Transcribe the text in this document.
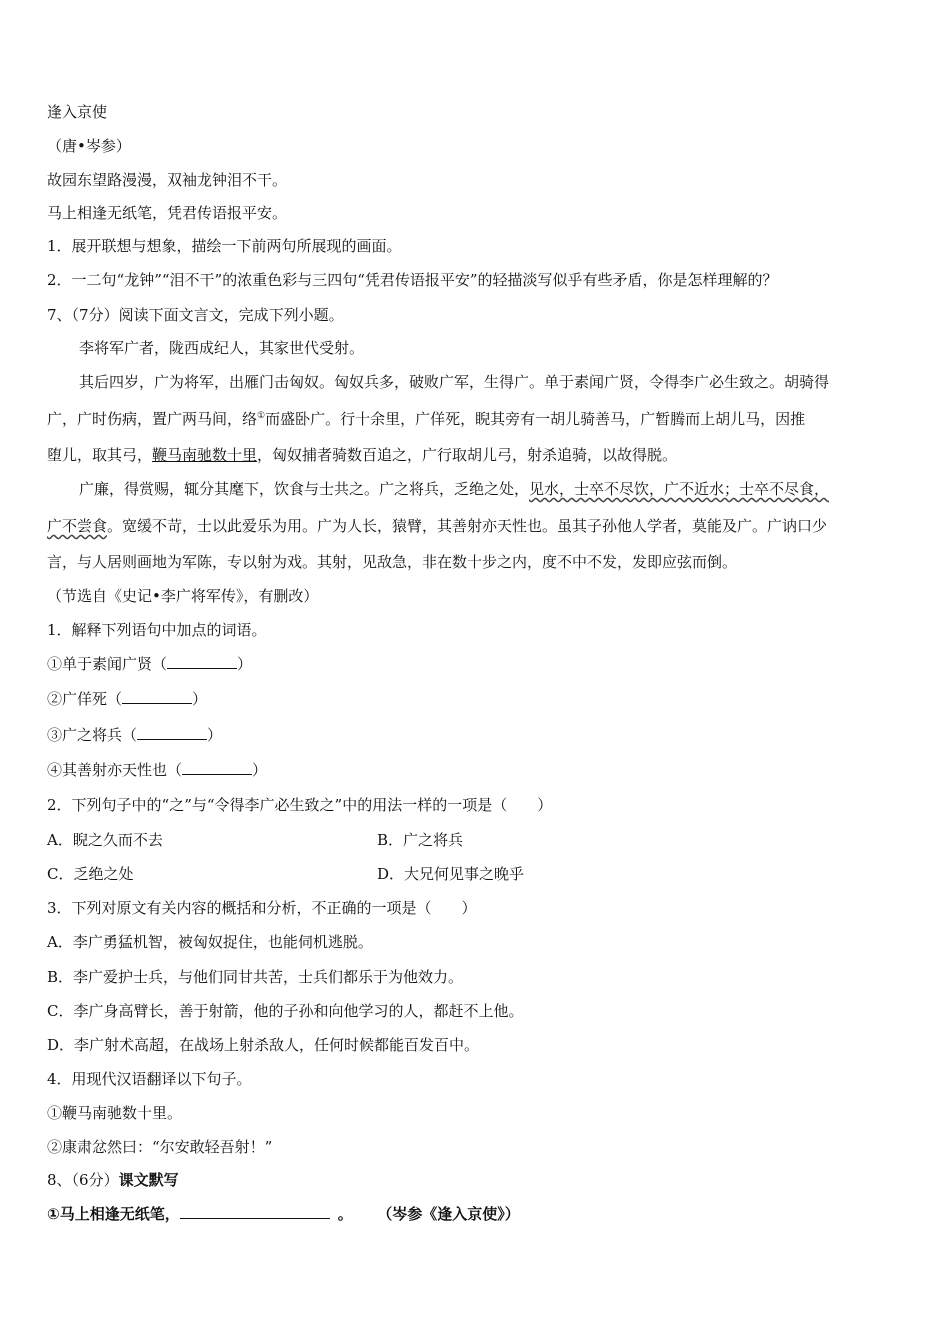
逢入京使
（唐•岑参）
故园东望路漫漫，双袖龙钟泪不干。
马上相逢无纸笔，凭君传语报平安。
1．展开联想与想象，描绘一下前两句所展现的画面。
2．一二句“龙钟”“泪不干”的浓重色彩与三四句“凭君传语报平安”的轻描淡写似乎有些矛盾，你是怎样理解的？
7、（7分）阅读下面文言文，完成下列小题。
李将军广者，陇西成纪人，其家世代受射。
其后四岁，广为将军，出雁门击匈奴。匈奴兵多，破败广军，生得广。单于素闻广贤，令得李广必生致之。胡骑得
广，广时伤病，置广两马间，络①而盛卧广。行十余里，广佯死，睨其旁有一胡儿骑善马，广暂腾而上胡儿马，因推
堕儿，取其弓，鞭马南驰数十里，匈奴捕者骑数百追之，广行取胡儿弓，射杀追骑，以故得脱。
广廉，得赏赐，辄分其麾下，饮食与士共之。广之将兵，乏绝之处，见水，士卒不尽饮，广不近水；士卒不尽食，
广不尝食。宽缓不苛，士以此爱乐为用。广为人长，猿臂，其善射亦天性也。虽其子孙他人学者，莫能及广。广讷口少
言，与人居则画地为军陈，专以射为戏。其射，见敌急，非在数十步之内，度不中不发，发即应弦而倒。
（节选自《史记•李广将军传》，有删改）
1．解释下列语句中加点的词语。
①单于素闻广贤（	）
②广佯死（	）
③广之将兵（	）
④其善射亦天性也（	）
2．下列句子中的“之”与“令得李广必生致之”中的用法一样的一项是（　　）
A．睨之久而不去	B．广之将兵
C．乏绝之处	D．大兄何见事之晚乎
3．下列对原文有关内容的概括和分析，不正确的一项是（　　）
A．李广勇猛机智，被匈奴捉住，也能伺机逃脱。
B．李广爱护士兵，与他们同甘共苦，士兵们都乐于为他效力。
C．李广身高臂长，善于射箭，他的子孙和向他学习的人，都赶不上他。
D．李广射术高超，在战场上射杀敌人，任何时候都能百发百中。
4．用现代汉语翻译以下句子。
①鞭马南驰数十里。
②康肃忿然曰：“尔安敢轻吾射！”
8、（6分）课文默写
①马上相逢无纸笔，	。 （岑参《逢入京使》）
